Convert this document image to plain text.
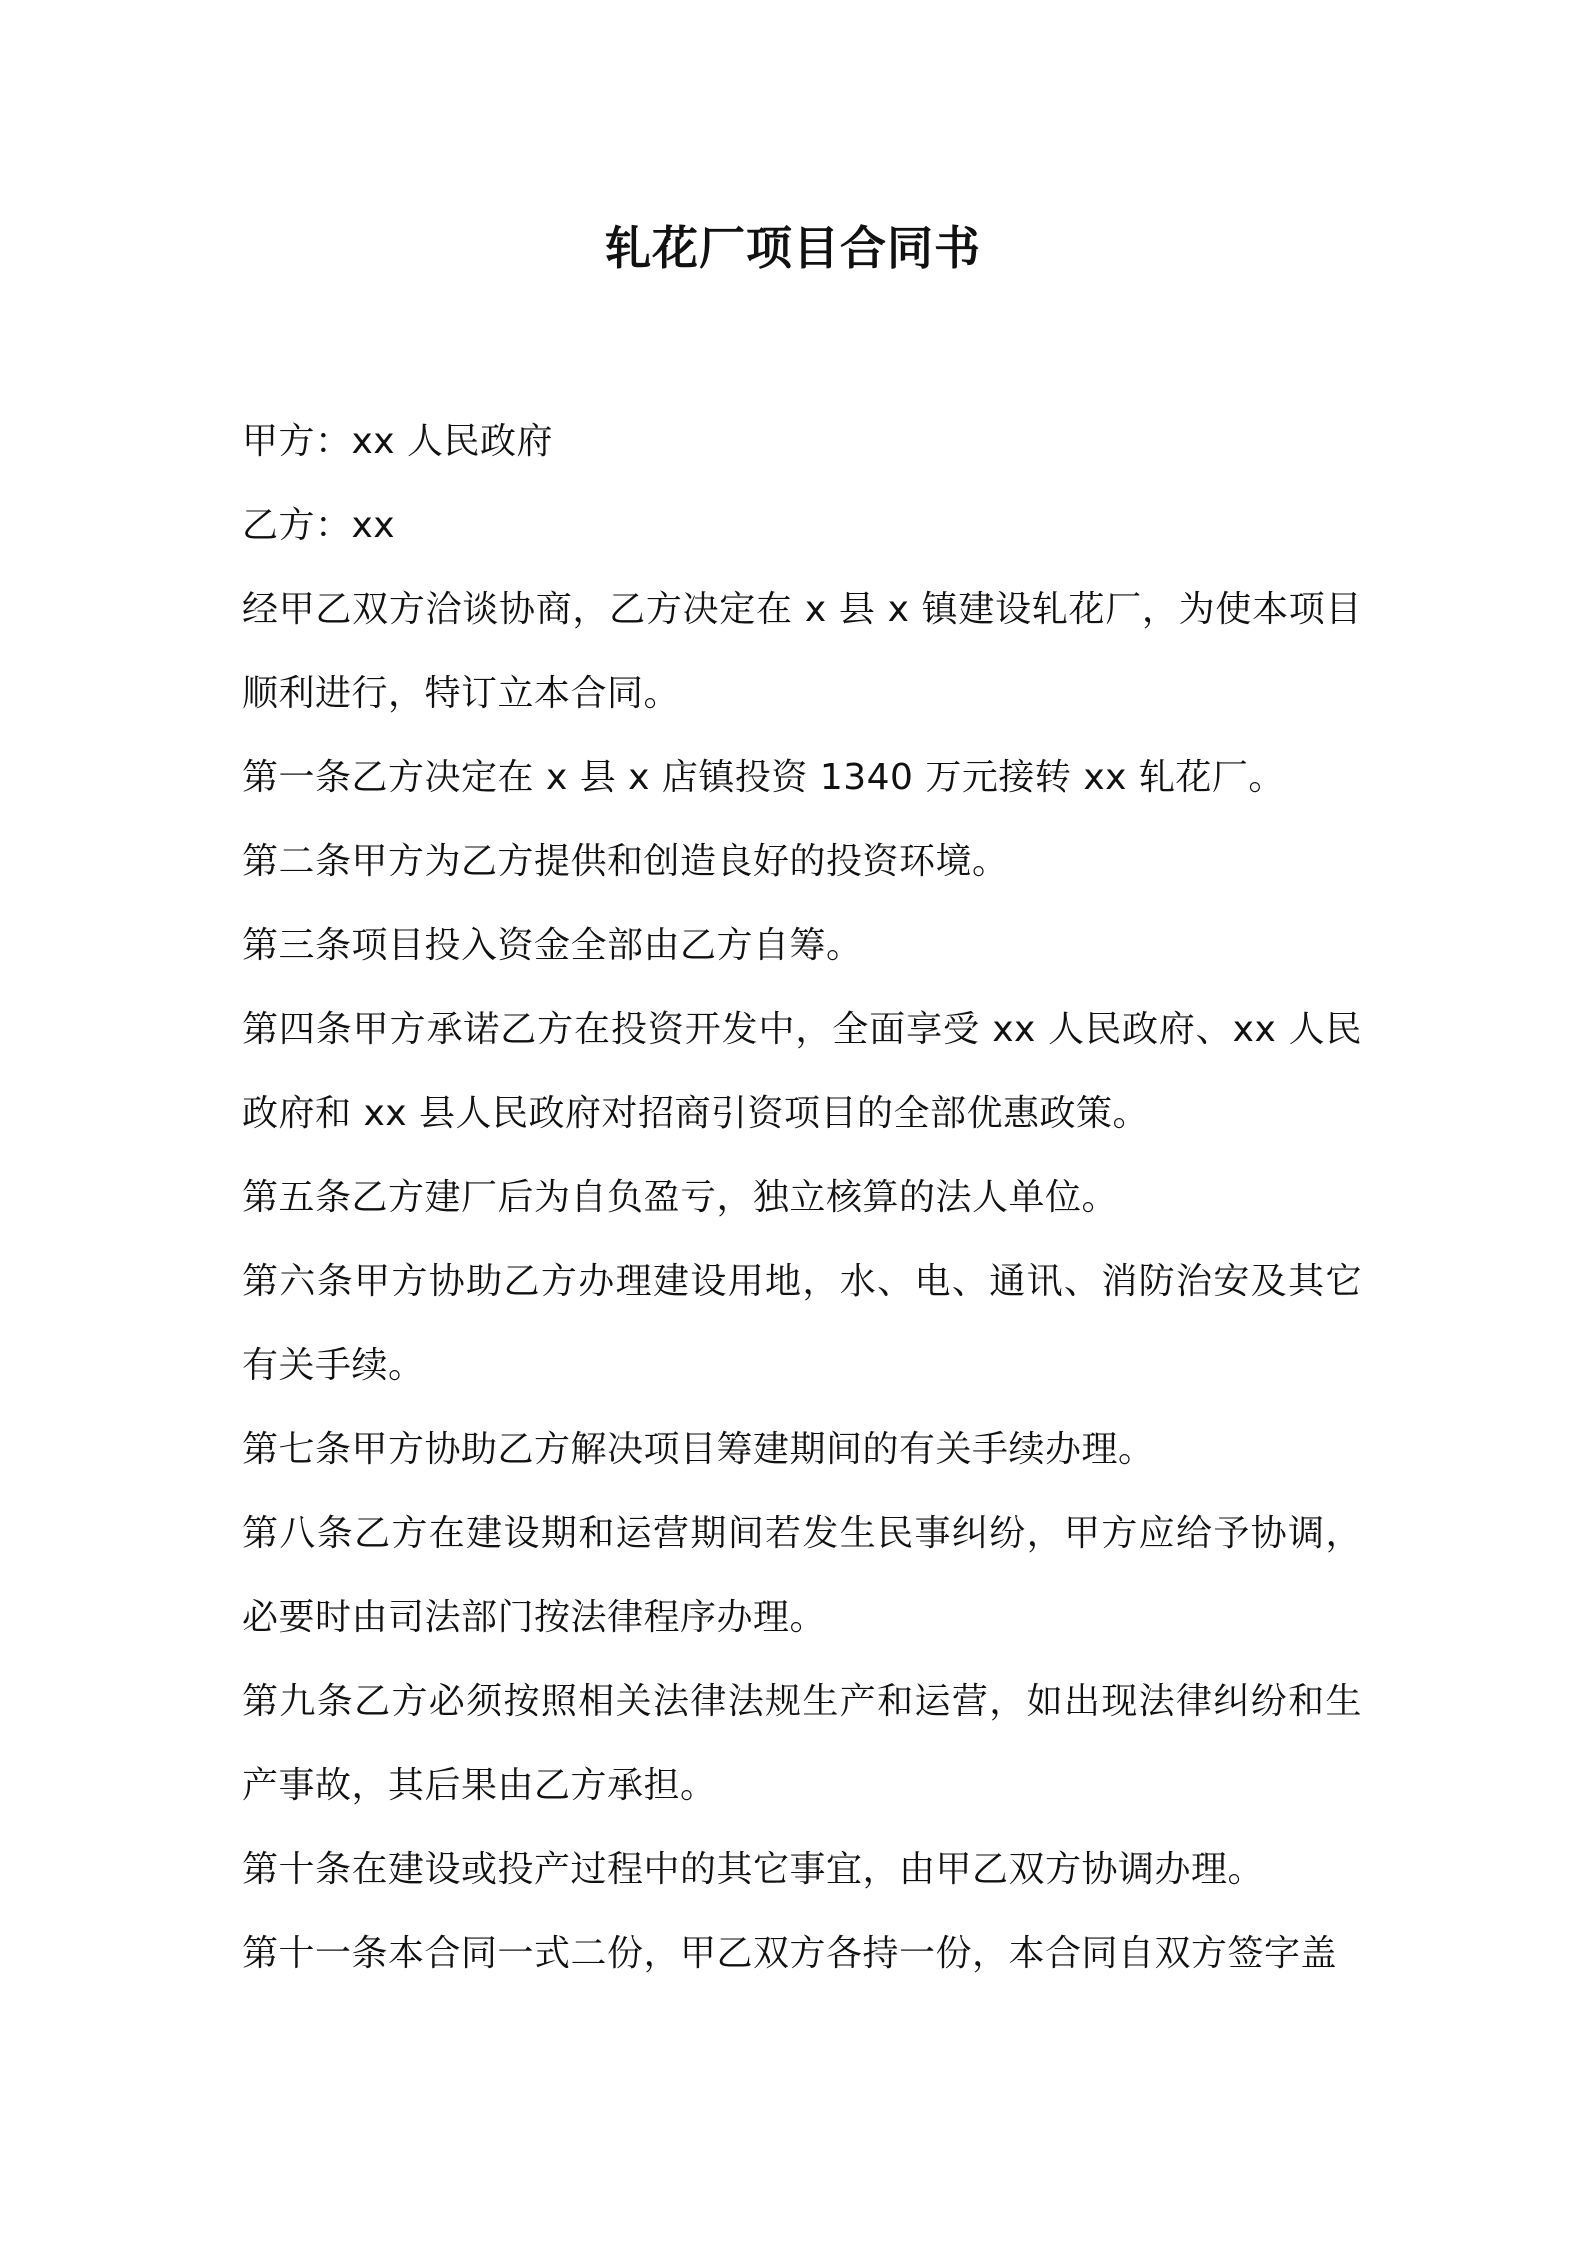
轧花厂项目合同书

甲方：xx 人民政府

乙方：xx

经甲乙双方洽谈协商，乙方决定在 x 县 x 镇建设轧花厂，为使本项目顺利进行，特订立本合同。

第一条乙方决定在 x 县 x 店镇投资 1340 万元接转 xx 轧花厂。

第二条甲方为乙方提供和创造良好的投资环境。

第三条项目投入资金全部由乙方自筹。

第四条甲方承诺乙方在投资开发中，全面享受 xx 人民政府、xx 人民政府和 xx 县人民政府对招商引资项目的全部优惠政策。

第五条乙方建厂后为自负盈亏，独立核算的法人单位。

第六条甲方协助乙方办理建设用地，水、电、通讯、消防治安及其它有关手续。

第七条甲方协助乙方解决项目筹建期间的有关手续办理。

第八条乙方在建设期和运营期间若发生民事纠纷，甲方应给予协调，必要时由司法部门按法律程序办理。

第九条乙方必须按照相关法律法规生产和运营，如出现法律纠纷和生产事故，其后果由乙方承担。

第十条在建设或投产过程中的其它事宜，由甲乙双方协调办理。

第十一条本合同一式二份，甲乙双方各持一份，本合同自双方签字盖
